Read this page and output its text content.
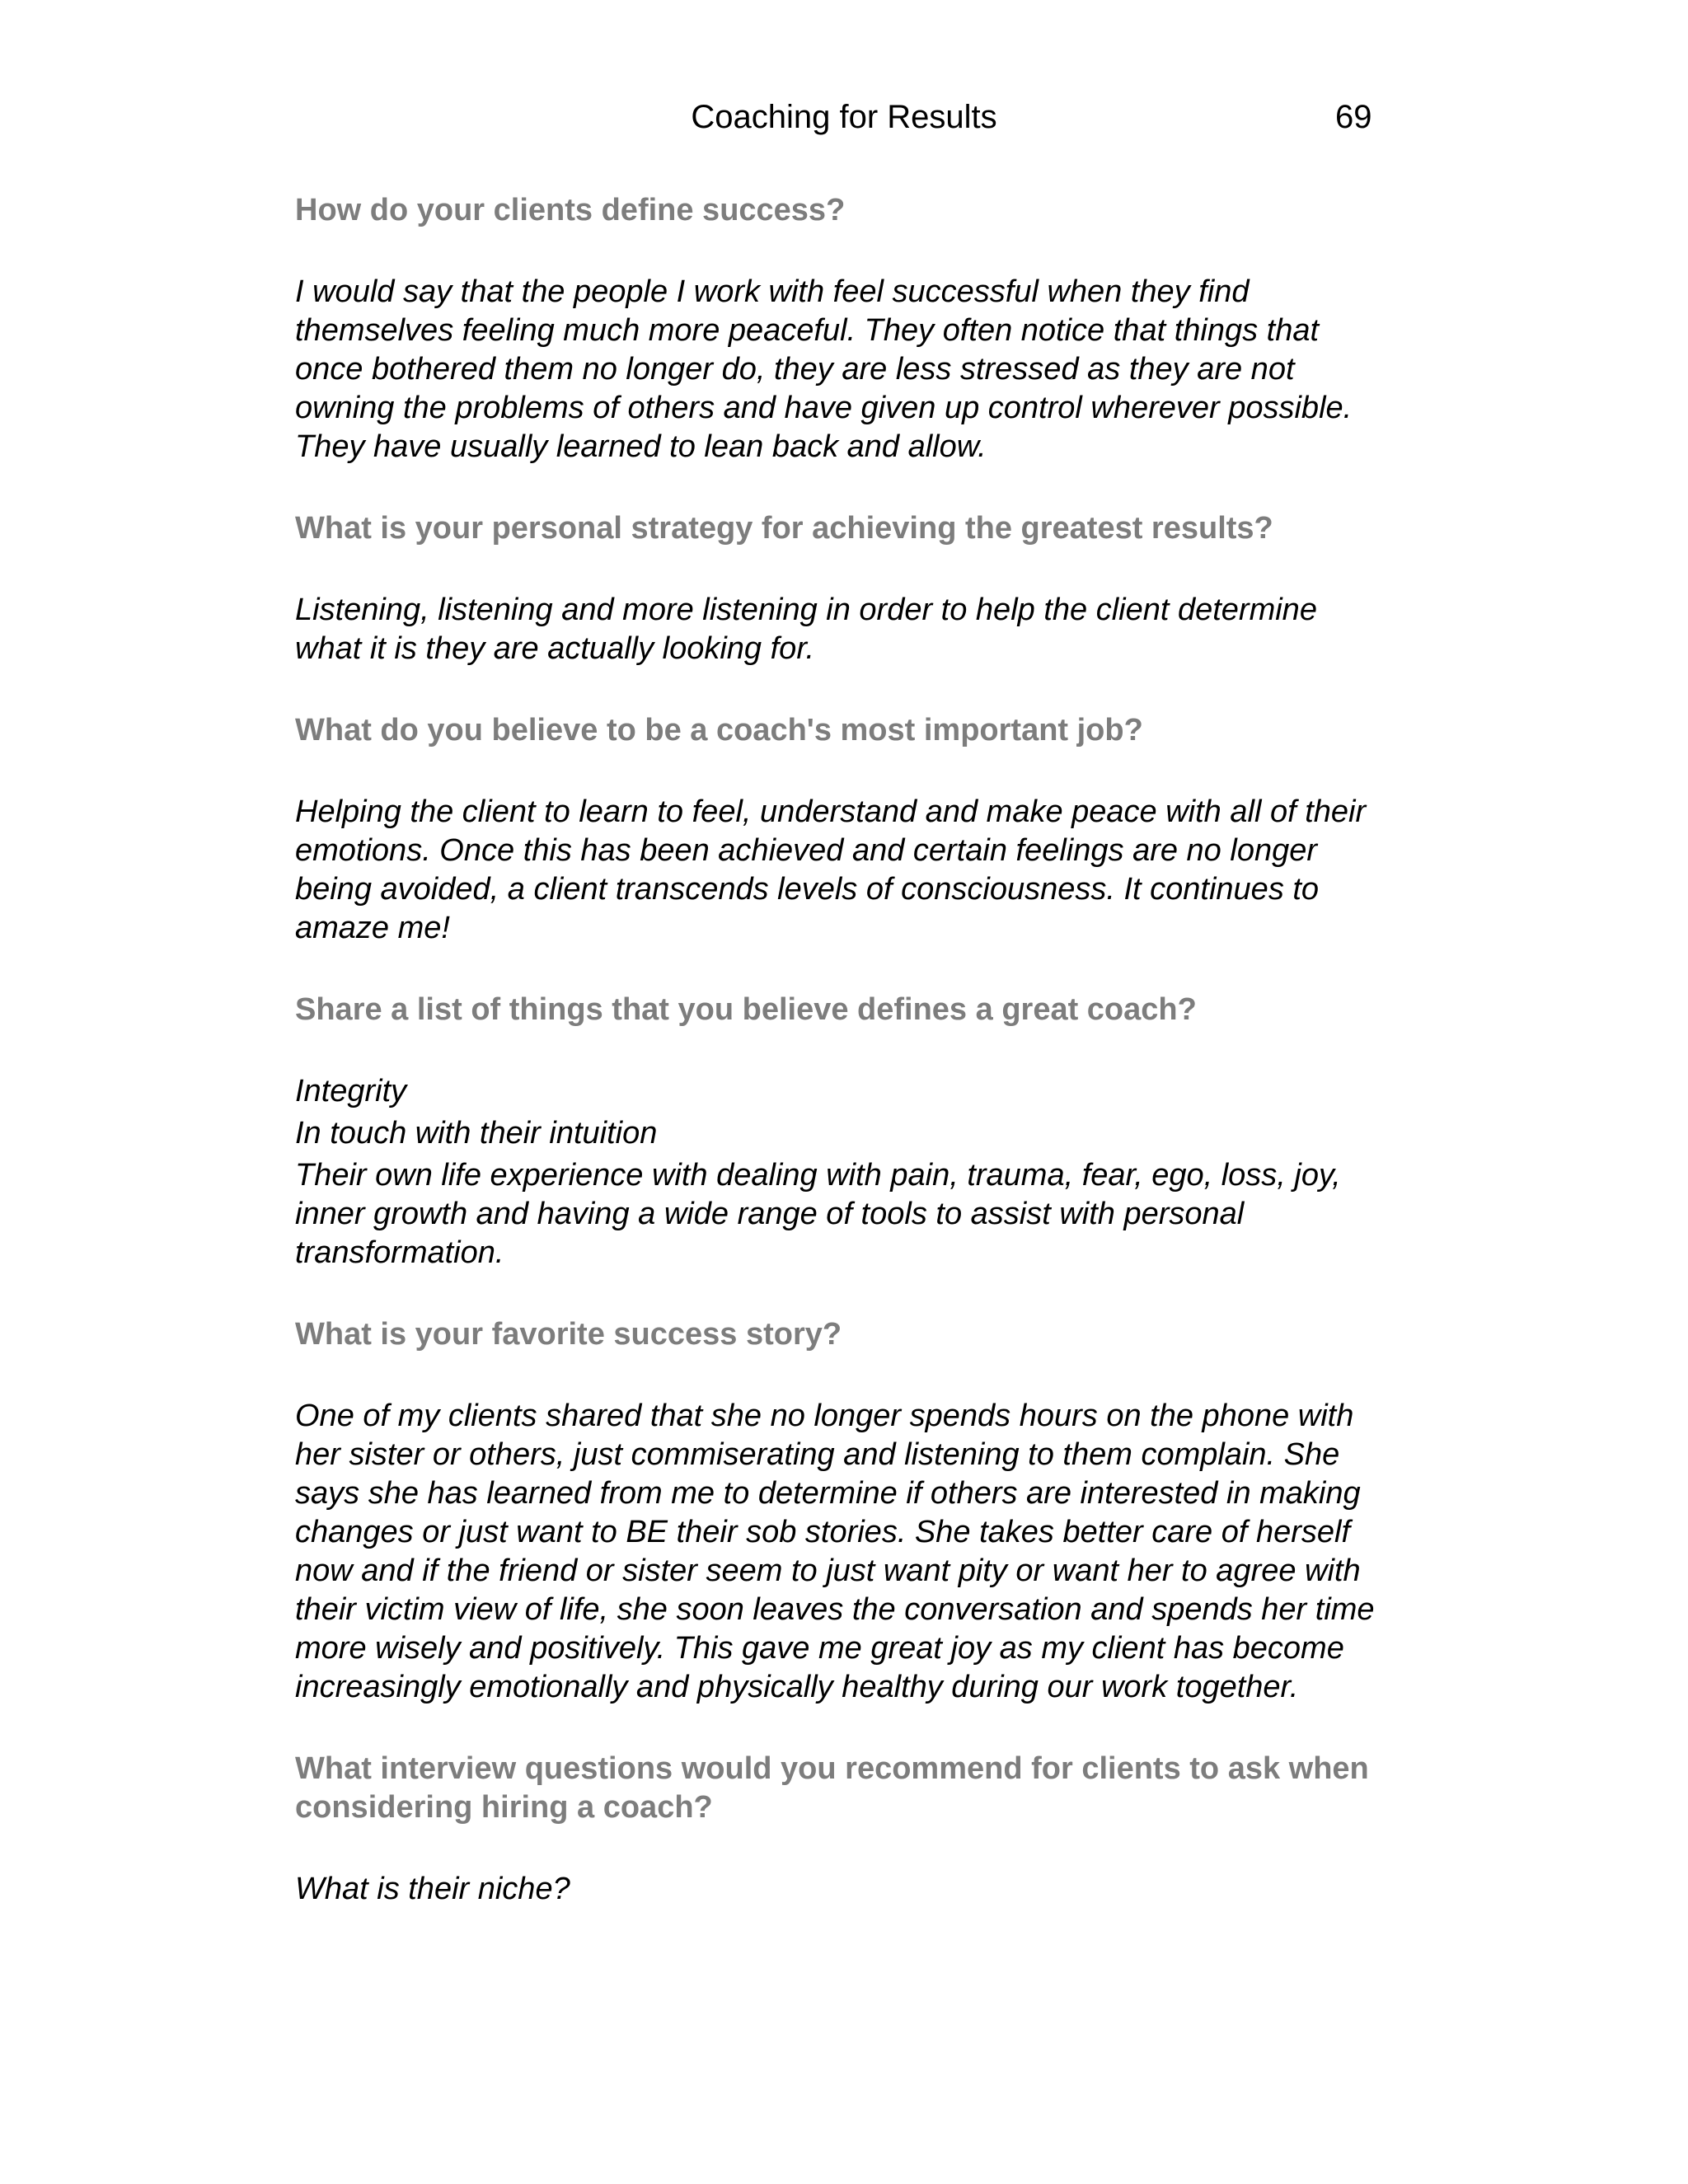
Coaching for Results	69
How do your clients define success?
I would say that the people I work with feel successful when they find themselves feeling much more peaceful. They often notice that things that once bothered them no longer do, they are less stressed as they are not owning the problems of others and have given up control wherever possible. They have usually learned to lean back and allow.
What is your personal strategy for achieving the greatest results?
Listening, listening and more listening in order to help the client determine what it is they are actually looking for.
What do you believe to be a coach's most important job?
Helping the client to learn to feel, understand and make peace with all of their emotions. Once this has been achieved and certain feelings are no longer being avoided, a client transcends levels of consciousness. It continues to amaze me!
Share a list of things that you believe defines a great coach?
Integrity
In touch with their intuition
Their own life experience with dealing with pain, trauma, fear, ego, loss, joy, inner growth and having a wide range of tools to assist with personal transformation.
What is your favorite success story?
One of my clients shared that she no longer spends hours on the phone with her sister or others, just commiserating and listening to them complain. She says she has learned from me to determine if others are interested in making changes or just want to BE their sob stories. She takes better care of herself now and if the friend or sister seem to just want pity or want her to agree with their victim view of life, she soon leaves the conversation and spends her time more wisely and positively. This gave me great joy as my client has become increasingly emotionally and physically healthy during our work together.
What interview questions would you recommend for clients to ask when considering hiring a coach?
What is their niche?
